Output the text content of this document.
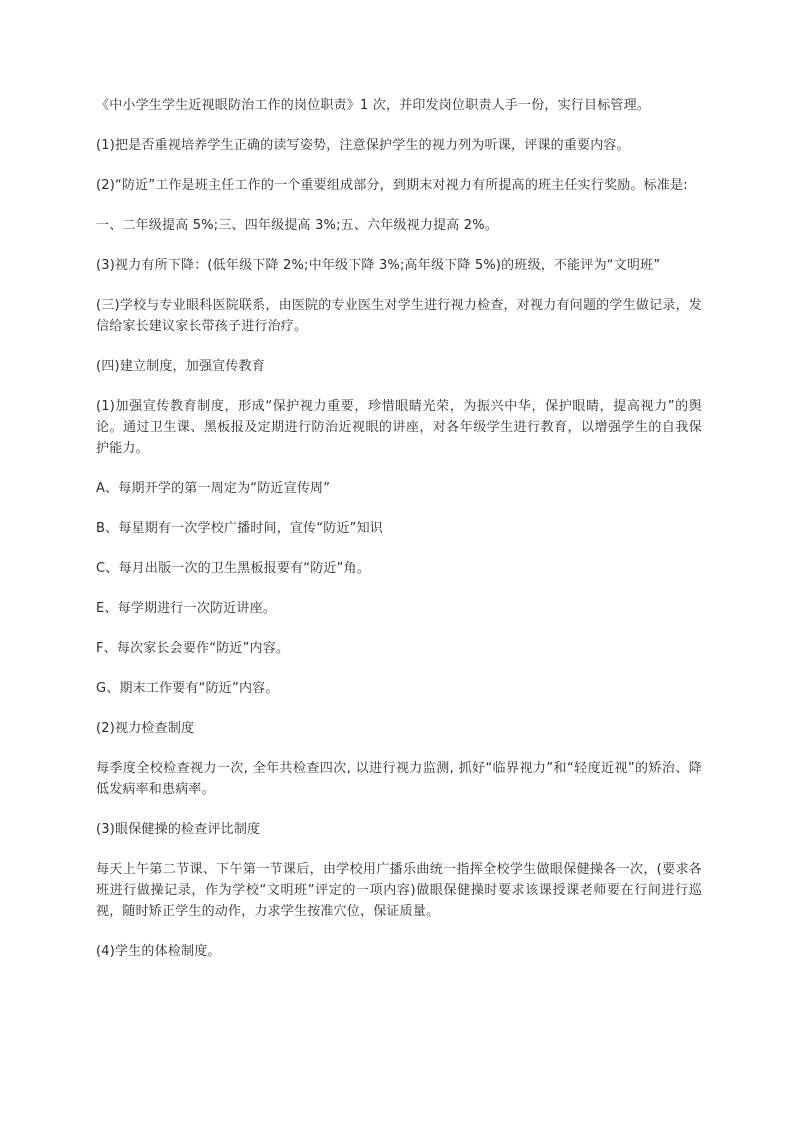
《中小学生学生近视眼防治工作的岗位职责》1 次，并印发岗位职责人手一份，实行目标管理。

(1)把是否重视培养学生正确的读写姿势，注意保护学生的视力列为听课，评课的重要内容。

(2)“防近”工作是班主任工作的一个重要组成部分，到期末对视力有所提高的班主任实行奖励。标准是:

一、二年级提高 5%;三、四年级提高 3%;五、六年级视力提高 2%。

(3)视力有所下降：(低年级下降 2%;中年级下降 3%;高年级下降 5%)的班级，不能评为“文明班”

(三)学校与专业眼科医院联系，由医院的专业医生对学生进行视力检查，对视力有问题的学生做记录，发信给家长建议家长带孩子进行治疗。

(四)建立制度，加强宣传教育

(1)加强宣传教育制度，形成“保护视力重要，珍惜眼睛光荣，为振兴中华，保护眼睛，提高视力”的舆论。通过卫生课、黑板报及定期进行防治近视眼的讲座，对各年级学生进行教育，以增强学生的自我保护能力。

A、每期开学的第一周定为“防近宣传周”

B、每星期有一次学校广播时间，宣传“防近”知识

C、每月出版一次的卫生黑板报要有“防近”角。

E、每学期进行一次防近讲座。

F、每次家长会要作“防近”内容。

G、期末工作要有“防近”内容。

(2)视力检查制度

每季度全校检查视力一次, 全年共检查四次, 以进行视力监测, 抓好“临界视力”和“轻度近视”的矫治、降低发病率和患病率。

(3)眼保健操的检查评比制度

每天上午第二节课、下午第一节课后，由学校用广播乐曲统一指挥全校学生做眼保健操各一次，(要求各班进行做操记录，作为学校“文明班”评定的一项内容)做眼保健操时要求该课授课老师要在行间进行巡视，随时矫正学生的动作，力求学生按准穴位，保证质量。

(4)学生的体检制度。
